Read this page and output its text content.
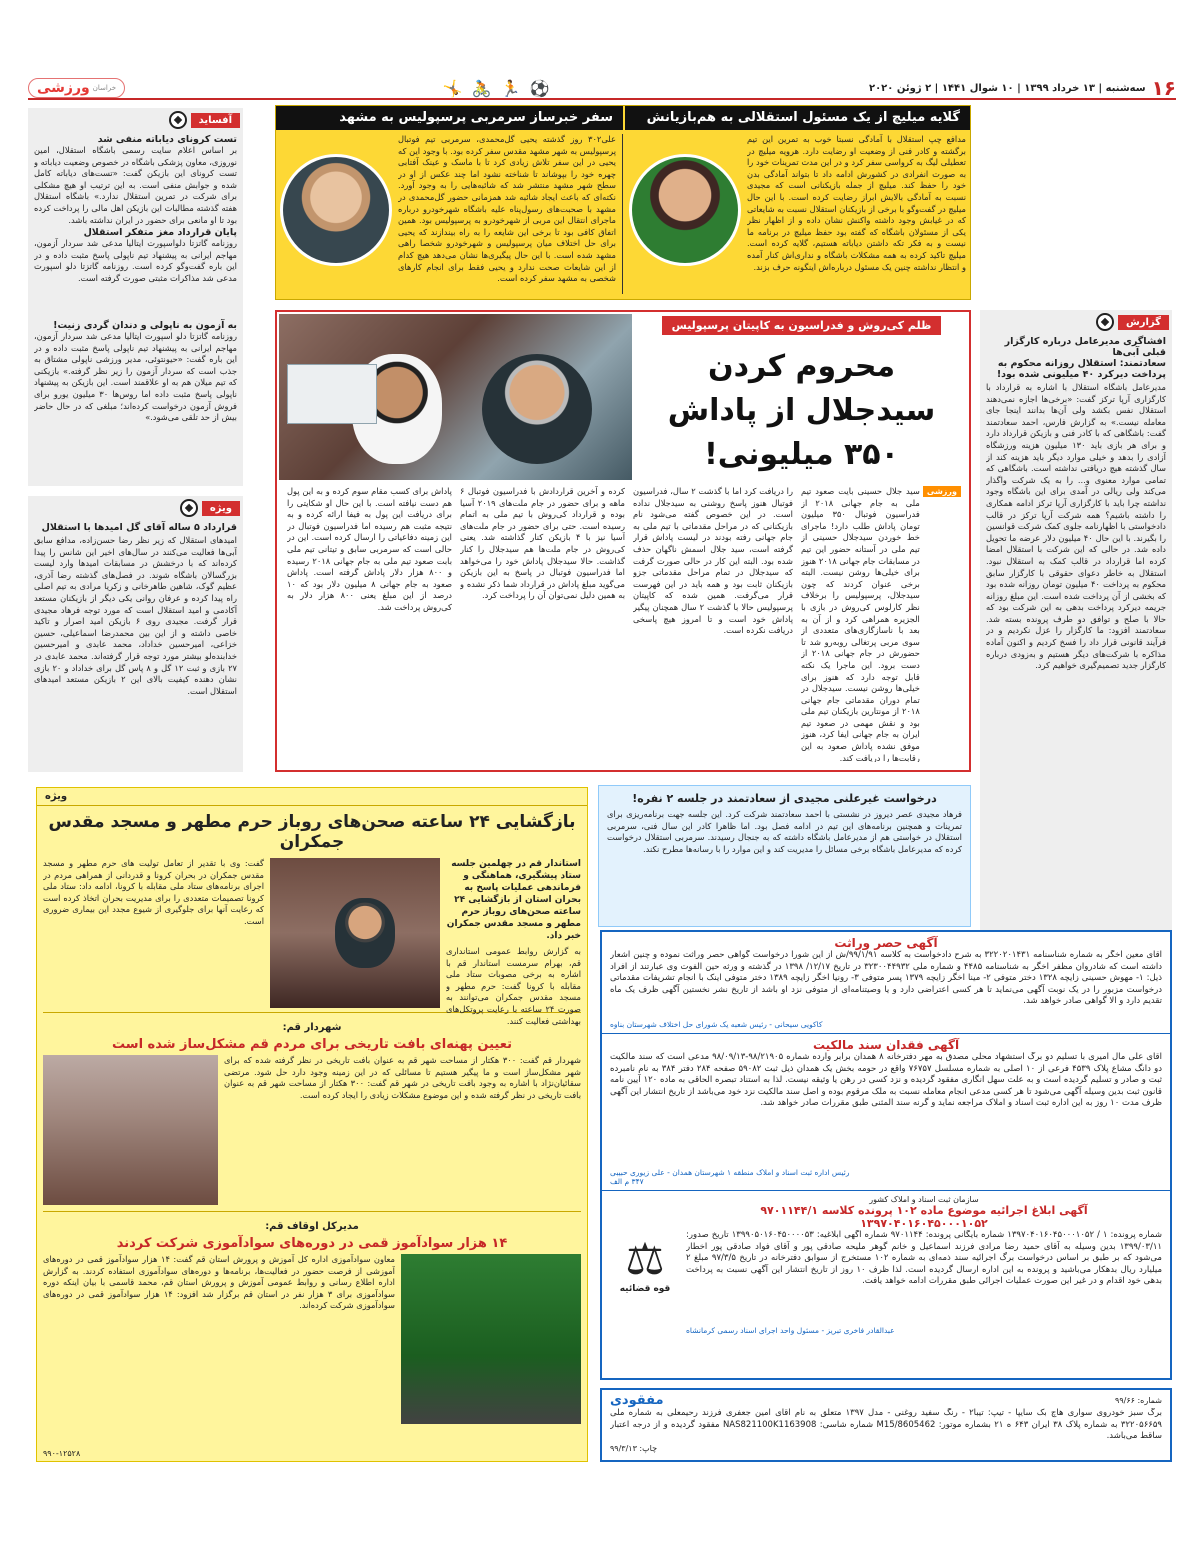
۱۶
سه‌شنبه | ۱۳ خرداد ۱۳۹۹ | ۱۰ شوال ۱۴۴۱ | ۲ ژوئن ۲۰۲۰
⚽ 🏃 🚴 🤸
خراسان
ورزشی
گلایه میلیچ از یک مسئول استقلالی به هم‌بازیانش
سفر خبرساز سرمربی پرسپولیس به مشهد
مدافع چپ استقلال با آمادگی نسبتا خوب به تمرین این تیم برگشته و کادر فنی از وضعیت او رضایت دارد. هرویه میلیچ در تعطیلی لیگ به کرواسی سفر کرد و در این مدت تمرینات خود را به صورت انفرادی در کشورش ادامه داد تا بتواند آمادگی بدن خود را حفظ کند. میلیچ از جمله بازیکنانی است که مجیدی نسبت به آمادگی بالایش ابراز رضایت کرده است. با این حال میلیچ در گفت‌وگو با برخی از بازیکنان استقلال نسبت به شایعاتی که در غیابش وجود داشته واکنش نشان داده و از اظهار نظر یکی از مسئولان باشگاه که گفته بود حفظ میلیچ در برنامه ما نیست و به فکر تکه داشتن دیاباته هستیم، گلایه کرده است. میلیچ تاکید کرده به همه مشکلات باشگاه و نداری‌اش کنار آمده و انتظار نداشته چنین یک مسئول درباره‌اش اینگونه حرف بزند.
علی۳۰۲ روز گذشته یحیی گل‌محمدی، سرمربی تیم فوتبال پرسپولیس به شهر مشهد مقدس سفر کرده بود. با وجود این که یحیی در این سفر تلاش زیادی کرد تا با ماسک و عینک آفتابی چهره خود را بپوشاند تا شناخته نشود اما چند عکس از او در سطح شهر مشهد منتشر شد که شائبه‌هایی را به وجود آورد. نکته‌ای که باعث ایجاد شائبه شد همزمانی حضور گل‌محمدی در مشهد با صحبت‌های رسول‌پناه علیه باشگاه شهرخودرو درباره ماجرای انتقال این مربی از شهرخودرو به پرسپولیس بود. همین اتفاق کافی بود تا برخی این شایعه را به راه بیندازند که یحیی برای حل اختلاف میان پرسپولیس و شهرخودرو شخصا راهی مشهد شده است. با این حال پیگیری‌ها نشان می‌دهد هیچ کدام از این شایعات صحت ندارد و یحیی فقط برای انجام کارهای شخصی به مشهد سفر کرده است.
آفساید
تست کرونای دیاباته منفی شد
بر اساس اعلام سایت رسمی باشگاه استقلال، امین نوروزی، معاون پزشکی باشگاه در خصوص وضعیت دیاباته و تست کرونای این بازیکن گفت: «تست‌های دیاباته کامل شده و جوابش منفی است. به این ترتیب او هیچ مشکلی برای شرکت در تمرین استقلال ندارد.» باشگاه استقلال هفته گذشته مطالبات این بازیکن اهل مالی را پرداخت کرده بود تا او مانعی برای حضور در ایران نداشته باشد.
پایان قرارداد مغز متفکر استقلال
روزنامه گاتزتا دلواسپورت ایتالیا مدعی شد سردار آزمون، مهاجم ایرانی به پیشنهاد تیم ناپولی پاسخ مثبت داده و در این باره گفت‌وگو کرده است. روزنامه گاتزتا دلو اسپورت مدعی شد مذاکرات مثبتی صورت گرفته است.
به آزمون به ناپولی و دندان گردی زنیت!
روزنامه گاتزتا دلو اسپورت ایتالیا مدعی شد سردار آزمون، مهاجم ایرانی به پیشنهاد تیم ناپولی پاسخ مثبت داده و در این باره گفت: «حیونتوئی، مدیر ورزشی ناپولی مشتاق به جذب است که سردار آزمون را زیر نظر گرفته.» بازیکنی که تیم میلان هم به او علاقمند است. این بازیکن به پیشنهاد ناپولی پاسخ مثبت داده اما روس‌ها ۳۰ میلیون یورو برای فروش آزمون درخواست کرده‌اند؛ مبلغی که در حال حاضر بیش از حد تلقی می‌شود.»
ویژه
قرارداد ۵ ساله آقای گل امیدها با استقلال
امیدهای استقلال که زیر نظر رضا حسن‌زاده، مدافع سابق آبی‌ها فعالیت می‌کنند در سال‌های اخیر این شانس را پیدا کرده‌اند که با درخشش در مسابقات امیدها وارد لیست بزرگسالان باشگاه شوند. در فصل‌های گذشته رضا آذری، عظیم گوک، شاهین طاهرخانی و زکریا مرادی به تیم اصلی راه پیدا کرده و عرفان روانی یکی دیگر از بازیکنان مستعد آکادمی و امید استقلال است که مورد توجه فرهاد مجیدی قرار گرفت. مجیدی روی ۶ بازیکن امید اصرار و تاکید خاصی داشته و از این بین محمدرضا اسماعیلی، حسین خزاعی، امیرحسین خداداد، محمد عابدی و امیرحسین خدابنده‌لو بیشتر مورد توجه قرار گرفته‌اند. محمد عابدی در ۲۷ بازی و ثبت ۱۲ گل و ۸ پاس گل برای خداداد و ۲۰ بازی نشان دهنده کیفیت بالای این ۲ بازیکن مستعد امیدهای استقلال است.
گزارش
افشاگری مدیرعامل درباره کارگزار قبلی آبی‌ها
سعادتمند: استقلال روزانه محکوم به پرداخت دیرکرد ۴۰ میلیونی شده بود!
مدیرعامل باشگاه استقلال با اشاره به قرارداد با کارگزاری آرپا ترکز گفت: «برخی‌ها اجازه نمی‌دهند استقلال نفس بکشد ولی آن‌ها بدانند اینجا جای معامله نیست.» به گزارش فارس، احمد سعادتمند گفت: باشگاهی که با کادر فنی و بازیکن قرارداد دارد و برای هر بازی باید ۱۳۰ میلیون هزینه ورزشگاه آزادی را بدهد و خیلی موارد دیگر باید هزینه کند از سال گذشته هیچ دریافتی نداشته است. باشگاهی که تمامی موارد معنوی و... را به یک شرکت واگذار می‌کند ولی ریالی در آمدی برای این باشگاه وجود نداشته چرا باید با کارگزاری آرپا ترکز ادامه همکاری را داشته باشیم؟ همه شرکت آرپا ترکز در قالب دادخواستی با اظهارنامه جلوی کمک شرکت قوانسین را بگیرند. با این حال ۴۰ میلیون دلار عرضه ما تحویل داده شد. در حالی که این شرکت با استقلال امضا کرده اما قرارداد در قالب کمک به استقلال نبود. استقلال به خاطر دعوای حقوقی با کارگزار سابق محکوم به پرداخت ۴۰ میلیون تومان روزانه شده بود که بخشی از آن پرداخت شده است. این مبلغ روزانه جریمه دیرکرد پرداخت بدهی به این شرکت بود که حالا با صلح و توافق دو طرف پرونده بسته شد. سعادتمند افزود: ما کارگزار را عزل نکردیم و در فرآیند قانونی قرار داد را فسخ کردیم و اکنون آماده مذاکره با شرکت‌های دیگر هستیم و به‌زودی درباره کارگزار جدید تصمیم‌گیری خواهیم کرد.
ظلم کی‌روش و فدراسیون به کاپیتان پرسپولیس
محروم کردن سیدجلال از پاداش ۳۵۰ میلیونی!
ورزشی
سید جلال حسینی بایت صعود تیم ملی به جام جهانی ۲۰۱۸ از فدراسیون فوتبال ۳۵۰ میلیون تومان پاداش طلب دارد! ماجرای خط خوردن سیدجلال حسینی از تیم ملی در آستانه حضور این تیم در مسابقات جام جهانی ۲۰۱۸ هنوز برای خیلی‌ها روشن نیست. البته برخی عنوان کردند که چون سیدجلال، پرسپولیس را برخلاف نظر کارلوس کی‌روش در بازی با الجزیره همراهی کرد و از آن به بعد با ناسازگاری‌های متعددی از سوی مربی پرتغالی روبه‌رو شد تا حضورش در جام جهانی ۲۰۱۸ از دست برود. این ماجرا یک نکته قابل توجه دارد که هنوز برای خیلی‌ها روشن نیست. سیدجلال در تمام دوران مقدماتی جام جهانی ۲۰۱۸ از مونتارین بازیکنان تیم ملی بود و نقش مهمی در صعود تیم ایران به جام جهانی ایفا کرد، هنوز موفق نشده پاداش صعود به این رقابت‌ها را دریافت کند.
را دریافت کرد اما با گذشت ۲ سال، فدراسیون فوتبال هنوز پاسخ روشنی به سیدجلال نداده است. در این خصوص گفته می‌شود نام بازیکنانی که در مراحل مقدماتی با تیم ملی به جام جهانی رفته بودند در لیست پاداش قرار گرفته است، سید جلال اسمش ناگهان حذف شده بود. البته این کار در حالی صورت گرفت که سیدجلال در تمام مراحل مقدماتی جزو بازیکنان ثابت بود و همه باید در این فهرست قرار می‌گرفت. همین شده که کاپیتان پرسپولیس حالا با گذشت ۲ سال همچنان پیگیر پاداش خود است و تا امروز هیچ پاسخی دریافت نکرده است.
کرده و آخرین قراردادش با فدراسیون فوتبال ۶ ماهه و برای حضور در جام ملت‌های ۲۰۱۹ آسیا بوده و قرارداد کی‌روش با تیم ملی به اتمام رسیده است. حتی برای حضور در جام ملت‌های آسیا نیز با ۴ بازیکن کنار گذاشته شد. یعنی کی‌روش در جام ملت‌ها هم سیدجلال را کنار گذاشت. حالا سیدجلال پاداش خود را می‌خواهد اما فدراسیون فوتبال در پاسخ به این بازیکن می‌گوید مبلغ پاداش در قرارداد شما ذکر نشده و به همین دلیل نمی‌توان آن را پرداخت کرد.
پاداش برای کسب مقام سوم کرده و به این پول هم دست نیافته است. با این حال او شکایتی را برای دریافت این پول به فیفا ارائه کرده و به نتیجه مثبت هم رسیده اما فدراسیون فوتبال در این زمینه دفاعیاتی را ارسال کرده است. این در حالی است که سرمربی سابق و تیتانی تیم ملی بابت صعود تیم ملی به جام جهانی ۲۰۱۸ رسیده و ۸۰۰ هزار دلار پاداش گرفته است. پاداش صعود به جام جهانی ۸ میلیون دلار بود که ۱۰ درصد از این مبلغ یعنی ۸۰۰ هزار دلار به کی‌روش پرداخت شد.
درخواست غیرعلنی مجیدی از سعادتمند در جلسه ۲ نفره!
فرهاد مجیدی عصر دیروز در نشستی با احمد سعادتمند شرکت کرد. این جلسه جهت برنامه‌ریزی برای تمرینات و همچنین برنامه‌های این تیم در ادامه فصل بود. اما ظاهرا کادر این سال فنی، سرمربی استقلال در خواستی هم از مدیرعامل باشگاه داشته که به جنجال رسیدند. سرمربی استقلال درخواست کرده که مدیرعامل باشگاه برخی مسائل را مدیریت کند و این موارد را با رسانه‌ها مطرح نکند.
ویژه
بازگشایی ۲۴ ساعته صحن‌های روباز حرم مطهر و مسجد مقدس جمکران
استاندار قم در چهلمین جلسه ستاد پیشگیری، هماهنگی و فرماندهی عملیات پاسخ به بحران استان از بازگشایی ۲۴ ساعته صحن‌های روباز حرم مطهر و مسجد مقدس جمکران خبر داد.
به گزارش روابط عمومی استانداری قم، بهرام سرمست استاندار قم با اشاره به برخی مصوبات ستاد ملی مقابله با کرونا گفت: حرم مطهر و مسجد مقدس جمکران می‌توانند به صورت ۲۴ ساعته با رعایت پروتکل‌های بهداشتی فعالیت کنند.
گفت: وی با تقدیر از تعامل تولیت های حرم مطهر و مسجد مقدس جمکران در بحران کرونا و قدردانی از همراهی مردم در اجرای برنامه‌های ستاد ملی مقابله با کرونا، ادامه داد: ستاد ملی کرونا تصمیمات متعددی را برای مدیریت بحران اتخاذ کرده است که رعایت آنها برای جلوگیری از شیوع مجدد این بیماری ضروری است.
شهردار قم:
تعیین پهنه‌ای بافت تاریخی برای مردم قم مشکل‌ساز شده است
شهردار قم گفت: ۳۰۰ هکتار از مساحت شهر قم به عنوان بافت تاریخی در نظر گرفته شده که برای شهر مشکل‌ساز است و ما پیگیر هستیم تا مسائلی که در این زمینه وجود دارد حل شود. مرتضی سقائیان‌نژاد با اشاره به وجود بافت تاریخی در شهر قم گفت: ۳۰۰ هکتار از مساحت شهر قم به عنوان بافت تاریخی در نظر گرفته شده و این موضوع مشکلات زیادی را ایجاد کرده است.
مدیرکل اوقاف قم:
۱۴ هزار سوادآموز قمی در دوره‌های سوادآموزی شرکت کردند
معاون سوادآموزی اداره کل آموزش و پرورش استان قم گفت: ۱۴ هزار سوادآموز قمی در دوره‌های آموزشی از فرصت حضور در فعالیت‌ها، برنامه‌ها و دوره‌های سوادآموزی استفاده کردند. به گزارش اداره اطلاع رسانی و روابط عمومی آموزش و پرورش استان قم، محمد قاسمی با بیان اینکه دوره سوادآموزی برای ۳ هزار نفر در استان قم برگزار شد افزود: ۱۴ هزار سوادآموز قمی در دوره‌های سوادآموزی شرکت کرده‌اند.
۹۹۰-۱۲۵۲۸
آگهی حصر وراثت
آقای معین اخگر به شماره شناسنامه ۳۲۲۰۲۰۱۴۳۱ به شرح دادخواست به کلاسه ۹۹/۱/۹۱/ش از این شورا درخواست گواهی حصر وراثت نموده و چنین اشعار داشته است که شادروان مظفر اخگر به شناسنامه ۴۴۸۵ و شماره ملی ۳۲۳۰۰۴۴۹۳۲ در تاریخ ۱۲/۱۷/ ۱۳۹۸ در گذشته و ورثه حین الفوت وی عبارتند از افراد ذیل: ۱- مهوش حسینی زایچه ۱۳۲۸ دختر متوفی ۲- مینا اخگر زایچه ۱۳۷۹ پسر متوفی ۳- رونیا اخگر زایچه ۱۳۸۹ دختر متوفی اینک با انجام تشریفات مقدماتی درخواست مزبور را در یک نوبت آگهی می‌نماید تا هر کسی اعتراضی دارد و یا وصیتنامه‌ای از متوفی نزد او باشد از تاریخ نشر نخستین آگهی ظرف یک ماه تقدیم دارد و الا گواهی صادر خواهد شد.
کاکویی سیحانی - رئیس شعبه یک شورای حل اختلاف شهرستان بناوه
آگهی فقدان سند مالکیت
آقای علی مال امیری با تسلیم دو برگ استشهاد محلی مصدق به مهر دفترخانه ۸ همدان برابر وارده شماره ۹۸/۲۱۹۰۵-۹۸/۰۹/۱۳ مدعی است که سند مالکیت دو دانگ مشاع پلاک ۴۵۳۹ فرعی از ۱۰ اصلی به شماره مسلسل ۷۶۷۵۷ واقع در حومه بخش یک همدان ذیل ثبت ۵۹۰۸۲ صفحه ۲۸۴ دفتر ۳۸۴ به نام نامبرده ثبت و صادر و تسلیم گردیده است و به علت سهل انگاری مفقود گردیده و نزد کسی در رهن یا وثیقه نیست. لذا به استناد تبصره الحاقی به ماده ۱۲۰ آیین نامه قانون ثبت بدین وسیله آگهی می‌شود تا هر کسی مدعی انجام معامله نسبت به ملک مرقوم بوده و اصل سند مالکیت نزد خود می‌باشد از تاریخ انتشار این آگهی ظرف مدت ۱۰ روز به این اداره ثبت اسناد و املاک مراجعه نماید و گرنه سند المثنی طبق مقررات صادر خواهد شد.
رئیس اداره ثبت اسناد و املاک منطقه ۱ شهرستان همدان - علی زیوری حبیبی
۳۴۷ م الف
سازمان ثبت اسناد و املاک کشور
آگهی ابلاغ اجرائیه موضوع ماده ۱۰۲ پرونده کلاسه ۹۷۰۱۱۴۴/۱
۱۳۹۷۰۴۰۱۶۰۴۵۰۰۰۱۰۵۲
شماره پرونده: ۱ / ۱۳۹۷۰۴۰۱۶۰۴۵۰۰۰۱۰۵۲ شماره بایگانی پرونده: ۹۷۰۱۱۴۴ شماره آگهی ابلاغیه: ۱۳۹۹۰۵۰۱۶۰۴۵۰۰۰۰۵۳ تاریخ صدور: ۱۳۹۹/۰۳/۱۱ بدین وسیله به آقای حمید رضا مرادی فرزند اسماعیل و خانم گوهر ملیحه صادقی پور و آقای فواد صادقی پور اخطار می‌شود که بر طبق بر اساس درخواست برگ اجرائیه سند ذمه‌ای به شماره ۱۰۲ مستخرج از سوابق دفترخانه در تاریخ ۹۷/۳/۵ مبلغ ۲ میلیارد ریال بدهکار می‌باشید و پرونده به این اداره ارسال گردیده است. لذا ظرف ۱۰ روز از تاریخ انتشار این آگهی نسبت به پرداخت بدهی خود اقدام و در غیر این صورت عملیات اجرائی طبق مقررات ادامه خواهد یافت.
عبدالقادر فاخری تبریز - مسئول واحد اجرای اسناد رسمی کرمانشاه
⚖
قوه قضائیه
شماره: ۹۹/۶۶
مفقودی
برگ سبز خودروی سواری هاچ بک سایپا - تیپ: تیبا۲ - رنگ سفید روغنی - مدل ۱۳۹۷ متعلق به نام آقای امین جعفری فرزند رحیمعلی به شماره ملی ۳۲۲۰۵۶۶۵۹ به شماره پلاک ۳۸ ایران ۶۴۳ ه ۲۱ بشماره موتور: M15/8605462 شماره شاسی: NAS821100K1163908 مفقود گردیده و از درجه اعتبار ساقط می‌باشد.
چاپ: ۹۹/۳/۱۳
